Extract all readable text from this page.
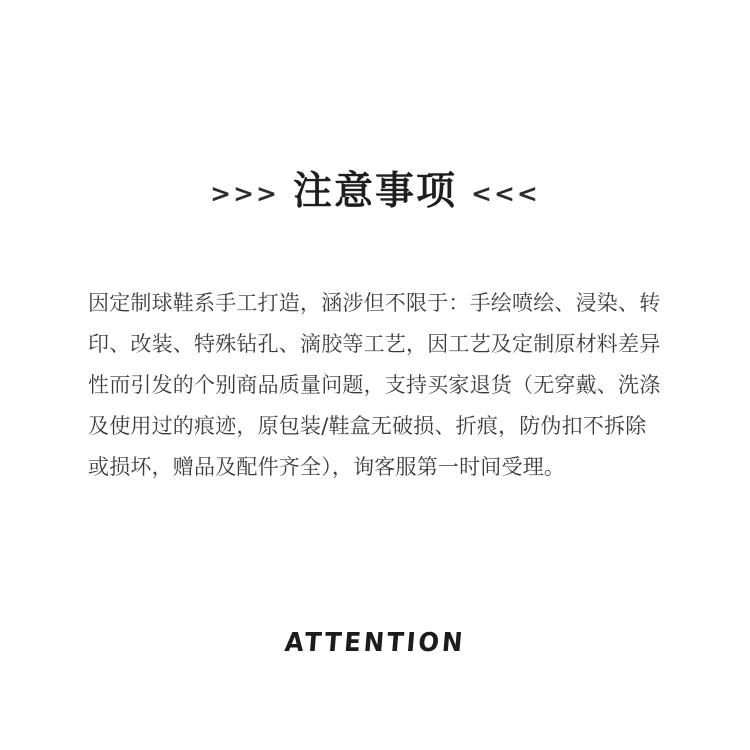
>>> 注意事项 <<<

因定制球鞋系手工打造，涵涉但不限于：手绘喷绘、浸染、转印、改装、特殊钻孔、滴胶等工艺，因工艺及定制原材料差异性而引发的个别商品质量问题，支持买家退货（无穿戴、洗涤及使用过的痕迹，原包装/鞋盒无破损、折痕，防伪扣不拆除或损坏，赠品及配件齐全），询客服第一时间受理。

ATTENTION
